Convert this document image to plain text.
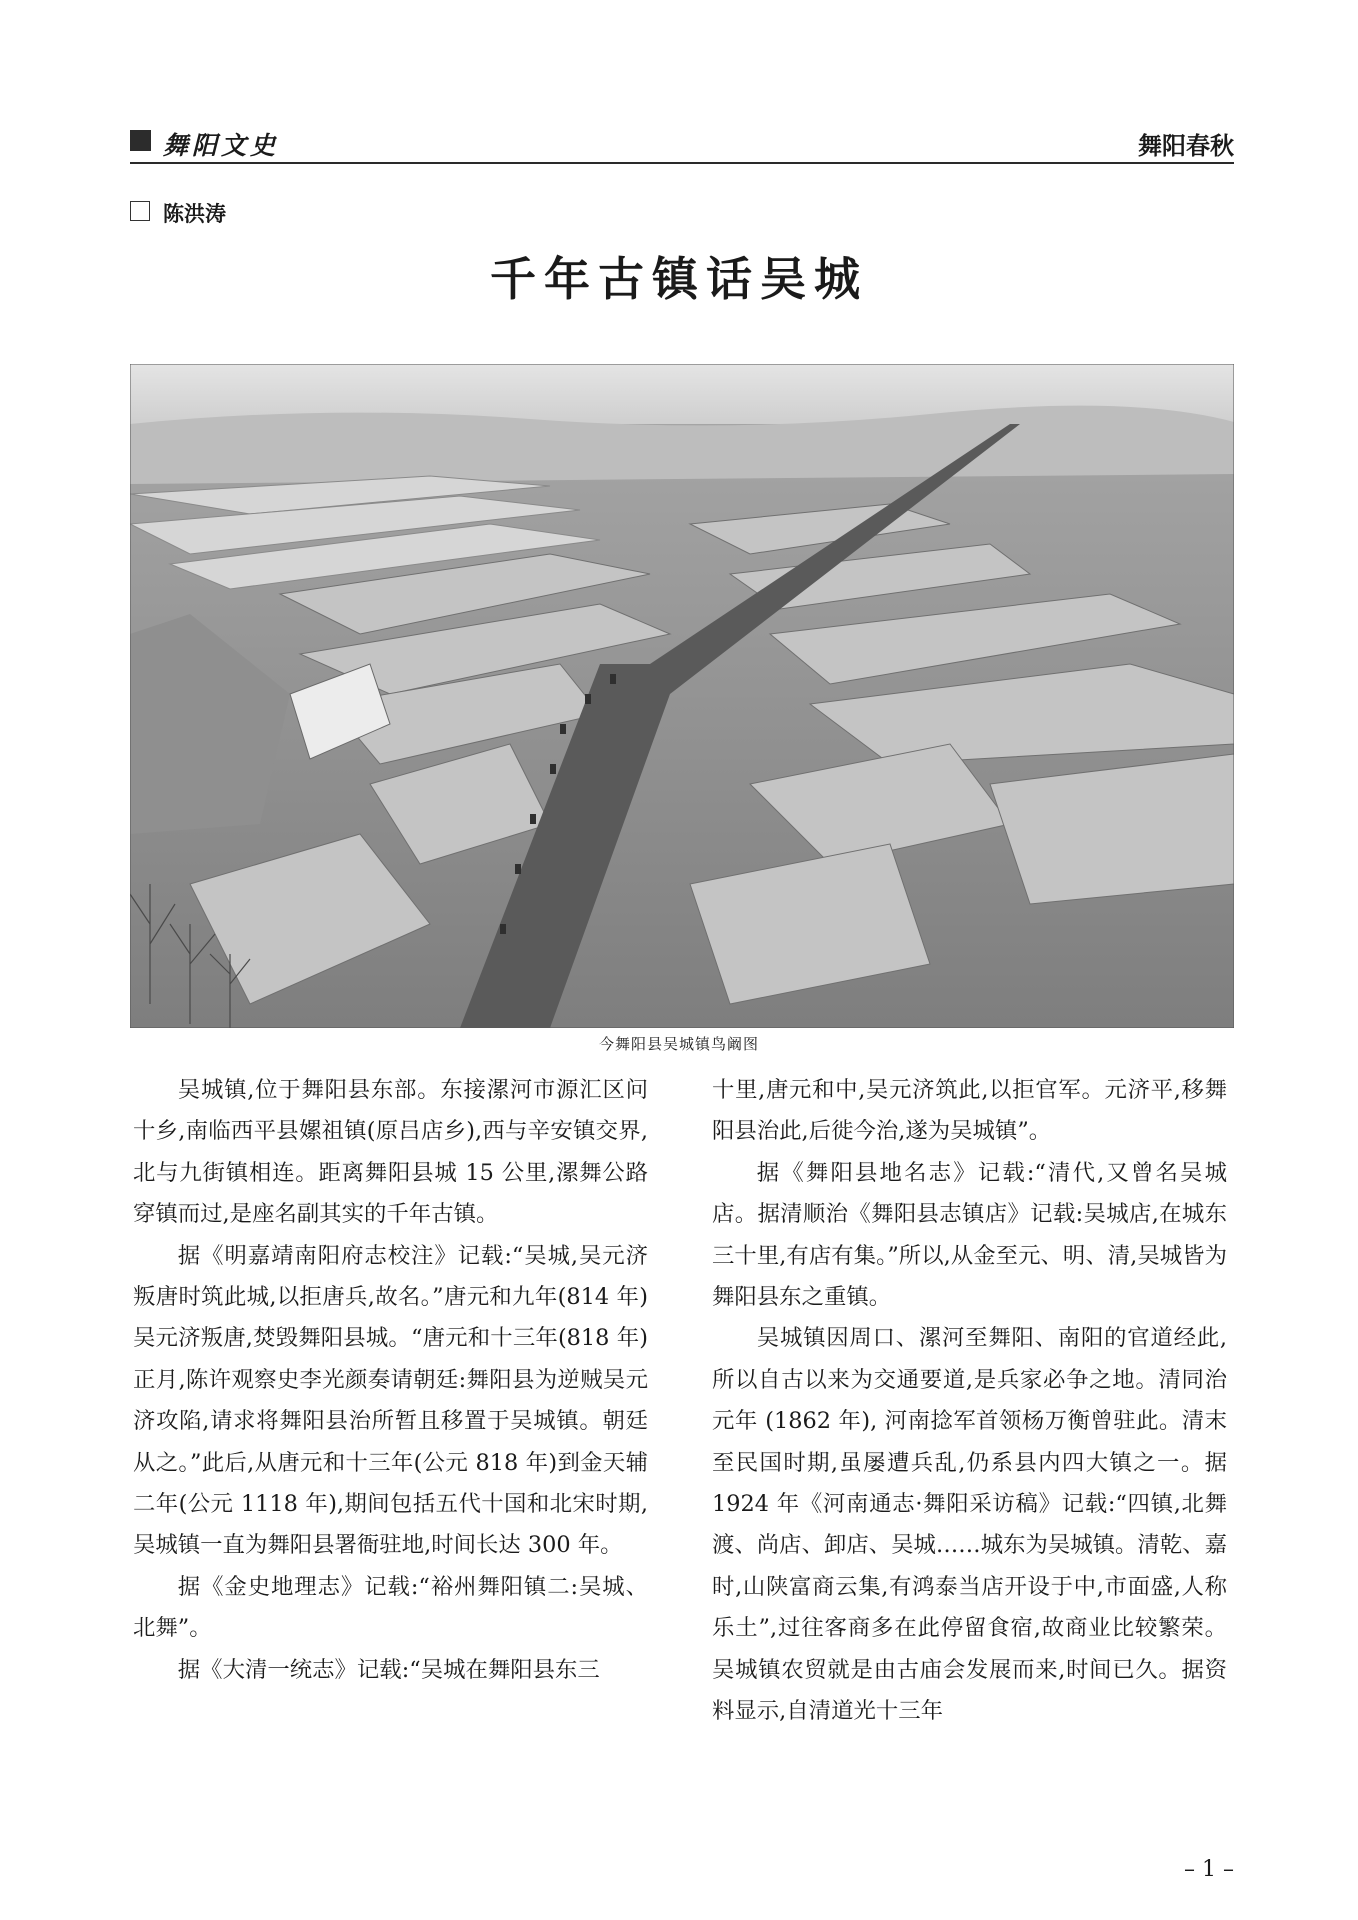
舞阳文史	舞阳春秋
陈洪涛
千年古镇话吴城
今舞阳县吴城镇鸟阚图

吴城镇,位于舞阳县东部。东接漯河市源汇区问十乡,南临西平县嫘祖镇(原吕店乡),西与辛安镇交界,北与九街镇相连。距离舞阳县城 15 公里,漯舞公路穿镇而过,是座名副其实的千年古镇。

据《明嘉靖南阳府志校注》记载:“吴城,吴元济叛唐时筑此城,以拒唐兵,故名。”唐元和九年(814 年)吴元济叛唐,焚毁舞阳县城。“唐元和十三年(818 年)正月,陈许观察史李光颜奏请朝廷:舞阳县为逆贼吴元济攻陷,请求将舞阳县治所暂且移置于吴城镇。朝廷从之。”此后,从唐元和十三年(公元 818 年)到金天辅二年(公元 1118 年),期间包括五代十国和北宋时期,吴城镇一直为舞阳县署衙驻地,时间长达 300 年。

据《金史地理志》记载:“裕州舞阳镇二:吴城、北舞”。

据《大清一统志》记载:“吴城在舞阳县东三

十里,唐元和中,吴元济筑此,以拒官军。元济平,移舞阳县治此,后徙今治,遂为吴城镇”。

据《舞阳县地名志》记载:“清代,又曾名吴城店。据清顺治《舞阳县志镇店》记载:吴城店,在城东三十里,有店有集。”所以,从金至元、明、清,吴城皆为舞阳县东之重镇。

吴城镇因周口、漯河至舞阳、南阳的官道经此,所以自古以来为交通要道,是兵家必争之地。清同治元年 (1862 年), 河南捻军首领杨万衡曾驻此。清末至民国时期,虽屡遭兵乱,仍系县内四大镇之一。据 1924 年《河南通志·舞阳采访稿》记载:“四镇,北舞渡、尚店、卸店、吴城……城东为吴城镇。清乾、嘉时,山陕富商云集,有鸿泰当店开设于中,市面盛,人称乐土”,过往客商多在此停留食宿,故商业比较繁荣。吴城镇农贸就是由古庙会发展而来,时间已久。据资料显示,自清道光十三年

– 1 –
